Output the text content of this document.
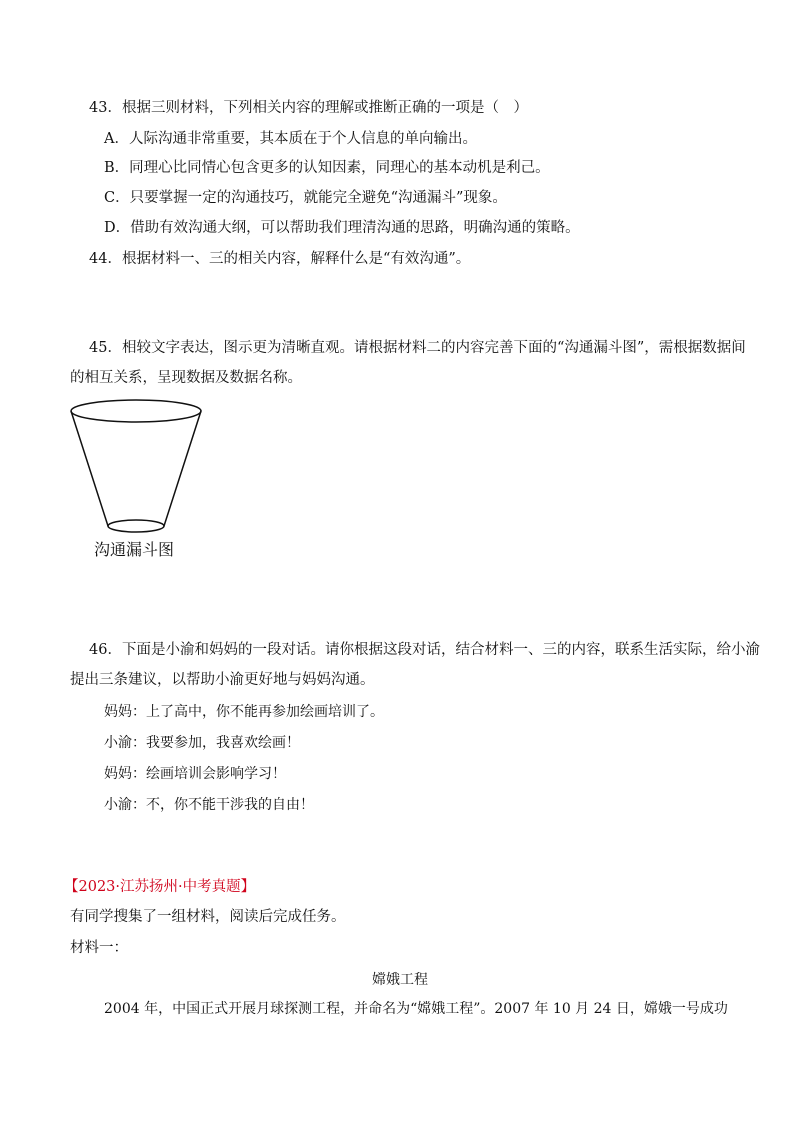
43．根据三则材料，下列相关内容的理解或推断正确的一项是（　）
A．人际沟通非常重要，其本质在于个人信息的单向输出。
B．同理心比同情心包含更多的认知因素，同理心的基本动机是利己。
C．只要掌握一定的沟通技巧，就能完全避免“沟通漏斗”现象。
D．借助有效沟通大纲，可以帮助我们理清沟通的思路，明确沟通的策略。
44．根据材料一、三的相关内容，解释什么是“有效沟通”。
45．相较文字表达，图示更为清晰直观。请根据材料二的内容完善下面的“沟通漏斗图”，需根据数据间
的相互关系，呈现数据及数据名称。
沟通漏斗图
46．下面是小渝和妈妈的一段对话。请你根据这段对话，结合材料一、三的内容，联系生活实际，给小渝
提出三条建议，以帮助小渝更好地与妈妈沟通。
妈妈：上了高中，你不能再参加绘画培训了。
小渝：我要参加，我喜欢绘画！
妈妈：绘画培训会影响学习！
小渝：不，你不能干涉我的自由！
【2023·江苏扬州·中考真题】
有同学搜集了一组材料，阅读后完成任务。
材料一：
嫦娥工程
2004 年，中国正式开展月球探测工程，并命名为“嫦娥工程”。2007 年 10 月 24 日，嫦娥一号成功
